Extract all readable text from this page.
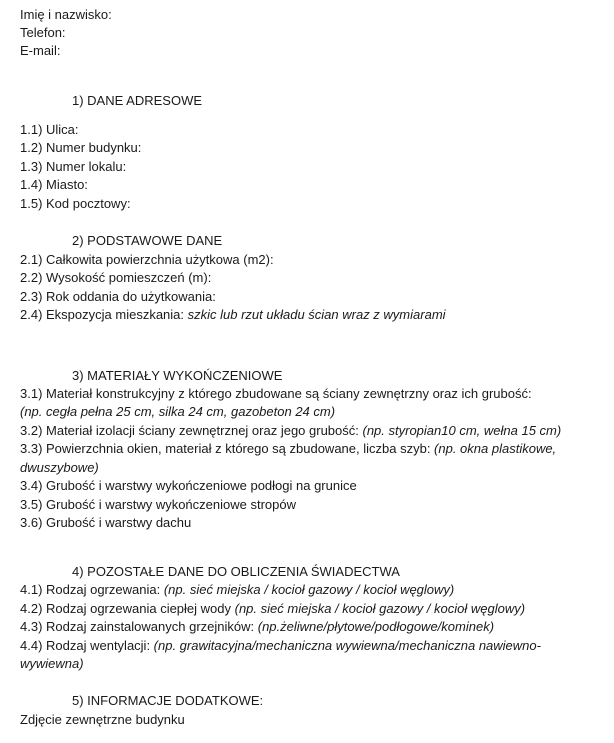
Imię i nazwisko:
Telefon:
E-mail:
1) DANE ADRESOWE
1.1) Ulica:
1.2) Numer budynku:
1.3) Numer lokalu:
1.4) Miasto:
1.5) Kod pocztowy:
2) PODSTAWOWE DANE
2.1) Całkowita powierzchnia użytkowa (m2):
2.2) Wysokość pomieszczeń (m):
2.3) Rok oddania do użytkowania:
2.4) Ekspozycja mieszkania: szkic lub rzut układu ścian wraz z wymiarami
3) MATERIAŁY WYKOŃCZENIOWE
3.1) Materiał konstrukcyjny z którego zbudowane są ściany zewnętrzny oraz ich grubość:
(np. cegła pełna 25 cm, silka 24 cm, gazobeton 24 cm)
3.2) Materiał izolacji ściany zewnętrznej oraz jego grubość: (np. styropian10 cm, wełna 15 cm)
3.3) Powierzchnia okien, materiał z którego są zbudowane, liczba szyb: (np. okna plastikowe,
dwuszybowe)
3.4) Grubość i warstwy wykończeniowe podłogi na grunice
3.5) Grubość i warstwy wykończeniowe stropów
3.6) Grubość i warstwy dachu
4) POZOSTAŁE DANE DO OBLICZENIA ŚWIADECTWA
4.1) Rodzaj ogrzewania: (np. sieć miejska / kocioł gazowy / kocioł węglowy)
4.2) Rodzaj ogrzewania ciepłej wody (np. sieć miejska / kocioł gazowy / kocioł węglowy)
4.3) Rodzaj zainstalowanych grzejników: (np.żeliwne/płytowe/podłogowe/kominek)
4.4) Rodzaj wentylacji: (np. grawitacyjna/mechaniczna wywiewna/mechaniczna nawiewno-
wywiewna)
5) INFORMACJE DODATKOWE:
Zdjęcie zewnętrzne budynku
